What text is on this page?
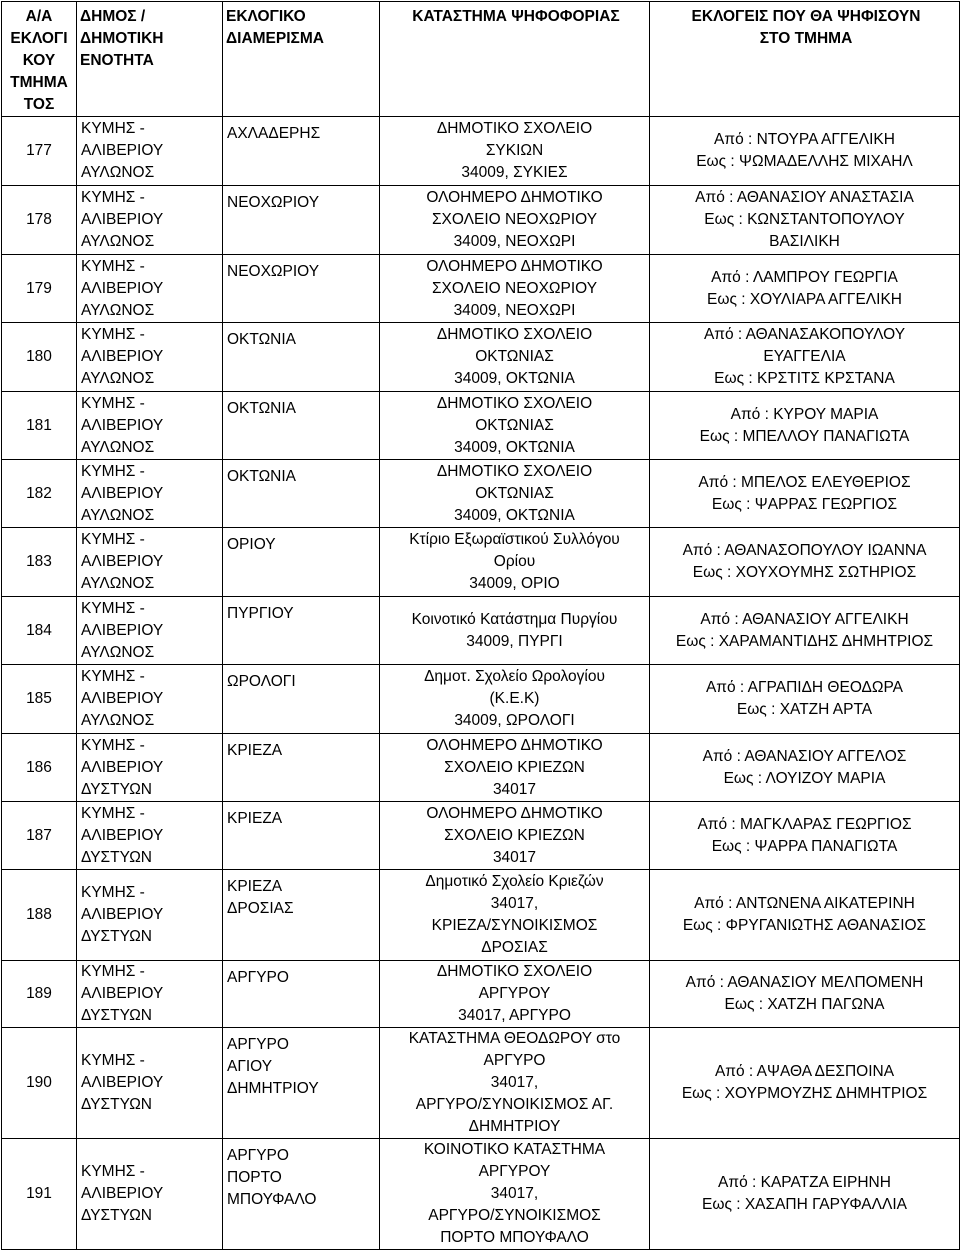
Α/Α
ΕΚΛΟΓΙ
ΚΟΥ
ΤΜΗΜΑ
ΤΟΣ	ΔΗΜΟΣ /
ΔΗΜΟΤΙΚΗ
ΕΝΟΤΗΤΑ	ΕΚΛΟΓΙΚΟ
ΔΙΑΜΕΡΙΣΜΑ	ΚΑΤΑΣΤΗΜΑ ΨΗΦΟΦΟΡΙΑΣ	ΕΚΛΟΓΕΙΣ ΠΟΥ ΘΑ ΨΗΦΙΣΟΥΝ
ΣΤΟ ΤΜΗΜΑ

177	ΚΥΜΗΣ -
ΑΛΙΒΕΡΙΟΥ
ΑΥΛΩΝΟΣ	ΑΧΛΑΔΕΡΗΣ	ΔΗΜΟΤΙΚΟ ΣΧΟΛΕΙΟ
ΣΥΚΙΩΝ
34009, ΣΥΚΙΕΣ	Από : ΝΤΟΥΡΑ ΑΓΓΕΛΙΚΗ
Εως : ΨΩΜΑΔΕΛΛΗΣ ΜΙΧΑΗΛ

178	ΚΥΜΗΣ -
ΑΛΙΒΕΡΙΟΥ
ΑΥΛΩΝΟΣ	ΝΕΟΧΩΡΙΟΥ	ΟΛΟΗΜΕΡΟ ΔΗΜΟΤΙΚΟ
ΣΧΟΛΕΙΟ ΝΕΟΧΩΡΙΟΥ
34009, ΝΕΟΧΩΡΙ	Από : ΑΘΑΝΑΣΙΟΥ ΑΝΑΣΤΑΣΙΑ
Εως : ΚΩΝΣΤΑΝΤΟΠΟΥΛΟΥ
ΒΑΣΙΛΙΚΗ

179	ΚΥΜΗΣ -
ΑΛΙΒΕΡΙΟΥ
ΑΥΛΩΝΟΣ	ΝΕΟΧΩΡΙΟΥ	ΟΛΟΗΜΕΡΟ ΔΗΜΟΤΙΚΟ
ΣΧΟΛΕΙΟ ΝΕΟΧΩΡΙΟΥ
34009, ΝΕΟΧΩΡΙ	Από : ΛΑΜΠΡΟΥ ΓΕΩΡΓΙΑ
Εως : ΧΟΥΛΙΑΡΑ ΑΓΓΕΛΙΚΗ

180	ΚΥΜΗΣ -
ΑΛΙΒΕΡΙΟΥ
ΑΥΛΩΝΟΣ	ΟΚΤΩΝΙΑ	ΔΗΜΟΤΙΚΟ ΣΧΟΛΕΙΟ
ΟΚΤΩΝΙΑΣ
34009, ΟΚΤΩΝΙΑ	Από : ΑΘΑΝΑΣΑΚΟΠΟΥΛΟΥ
ΕΥΑΓΓΕΛΙΑ
Εως : ΚΡΣΤΙΤΣ ΚΡΣΤΑΝΑ

181	ΚΥΜΗΣ -
ΑΛΙΒΕΡΙΟΥ
ΑΥΛΩΝΟΣ	ΟΚΤΩΝΙΑ	ΔΗΜΟΤΙΚΟ ΣΧΟΛΕΙΟ
ΟΚΤΩΝΙΑΣ
34009, ΟΚΤΩΝΙΑ	Από : ΚΥΡΟΥ ΜΑΡΙΑ
Εως : ΜΠΕΛΛΟΥ ΠΑΝΑΓΙΩΤΑ

182	ΚΥΜΗΣ -
ΑΛΙΒΕΡΙΟΥ
ΑΥΛΩΝΟΣ	ΟΚΤΩΝΙΑ	ΔΗΜΟΤΙΚΟ ΣΧΟΛΕΙΟ
ΟΚΤΩΝΙΑΣ
34009, ΟΚΤΩΝΙΑ	Από : ΜΠΕΛΟΣ ΕΛΕΥΘΕΡΙΟΣ
Εως : ΨΑΡΡΑΣ ΓΕΩΡΓΙΟΣ

183	ΚΥΜΗΣ -
ΑΛΙΒΕΡΙΟΥ
ΑΥΛΩΝΟΣ	ΟΡΙΟΥ	Κτίριο Εξωραϊστικού Συλλόγου
Ορίου
34009, ΟΡΙΟ	Από : ΑΘΑΝΑΣΟΠΟΥΛΟΥ ΙΩΑΝΝΑ
Εως : ΧΟΥΧΟΥΜΗΣ ΣΩΤΗΡΙΟΣ

184	ΚΥΜΗΣ -
ΑΛΙΒΕΡΙΟΥ
ΑΥΛΩΝΟΣ	ΠΥΡΓΙΟΥ	Κοινοτικό Κατάστημα Πυργίου
34009, ΠΥΡΓΙ	Από : ΑΘΑΝΑΣΙΟΥ ΑΓΓΕΛΙΚΗ
Εως : ΧΑΡΑΜΑΝΤΙΔΗΣ ΔΗΜΗΤΡΙΟΣ

185	ΚΥΜΗΣ -
ΑΛΙΒΕΡΙΟΥ
ΑΥΛΩΝΟΣ	ΩΡΟΛΟΓΙ	Δημοτ. Σχολείο Ωρολογίου
(Κ.Ε.Κ)
34009, ΩΡΟΛΟΓΙ	Από : ΑΓΡΑΠΙΔΗ ΘΕΟΔΩΡΑ
Εως : ΧΑΤΖΗ ΑΡΤΑ

186	ΚΥΜΗΣ -
ΑΛΙΒΕΡΙΟΥ
ΔΥΣΤΥΩΝ	ΚΡΙΕΖΑ	ΟΛΟΗΜΕΡΟ ΔΗΜΟΤΙΚΟ
ΣΧΟΛΕΙΟ ΚΡΙΕΖΩΝ
34017	Από : ΑΘΑΝΑΣΙΟΥ ΑΓΓΕΛΟΣ
Εως : ΛΟΥΙΖΟΥ ΜΑΡΙΑ

187	ΚΥΜΗΣ -
ΑΛΙΒΕΡΙΟΥ
ΔΥΣΤΥΩΝ	ΚΡΙΕΖΑ	ΟΛΟΗΜΕΡΟ ΔΗΜΟΤΙΚΟ
ΣΧΟΛΕΙΟ ΚΡΙΕΖΩΝ
34017	Από : ΜΑΓΚΛΑΡΑΣ ΓΕΩΡΓΙΟΣ
Εως : ΨΑΡΡΑ ΠΑΝΑΓΙΩΤΑ

188	ΚΥΜΗΣ -
ΑΛΙΒΕΡΙΟΥ
ΔΥΣΤΥΩΝ	ΚΡΙΕΖΑ
ΔΡΟΣΙΑΣ	Δημοτικό Σχολείο Κριεζών
34017,
ΚΡΙΕΖΑ/ΣΥΝΟΙΚΙΣΜΟΣ
ΔΡΟΣΙΑΣ	Από : ΑΝΤΩΝΕΝΑ ΑΙΚΑΤΕΡΙΝΗ
Εως : ΦΡΥΓΑΝΙΩΤΗΣ ΑΘΑΝΑΣΙΟΣ

189	ΚΥΜΗΣ -
ΑΛΙΒΕΡΙΟΥ
ΔΥΣΤΥΩΝ	ΑΡΓΥΡΟ	ΔΗΜΟΤΙΚΟ ΣΧΟΛΕΙΟ
ΑΡΓΥΡΟΥ
34017, ΑΡΓΥΡΟ	Από : ΑΘΑΝΑΣΙΟΥ ΜΕΛΠΟΜΕΝΗ
Εως : ΧΑΤΖΗ ΠΑΓΩΝΑ

190	ΚΥΜΗΣ -
ΑΛΙΒΕΡΙΟΥ
ΔΥΣΤΥΩΝ	ΑΡΓΥΡΟ
ΑΓΙΟΥ
ΔΗΜΗΤΡΙΟΥ	ΚΑΤΑΣΤΗΜΑ ΘΕΟΔΩΡΟΥ στο
ΑΡΓΥΡΟ
34017,
ΑΡΓΥΡΟ/ΣΥΝΟΙΚΙΣΜΟΣ ΑΓ.
ΔΗΜΗΤΡΙΟΥ	Από : ΑΨΑΘΑ ΔΕΣΠΟΙΝΑ
Εως : ΧΟΥΡΜΟΥΖΗΣ ΔΗΜΗΤΡΙΟΣ

191	ΚΥΜΗΣ -
ΑΛΙΒΕΡΙΟΥ
ΔΥΣΤΥΩΝ	ΑΡΓΥΡΟ
ΠΟΡΤΟ
ΜΠΟΥΦΑΛΟ	ΚΟΙΝΟΤΙΚΟ ΚΑΤΑΣΤΗΜΑ
ΑΡΓΥΡΟΥ
34017,
ΑΡΓΥΡΟ/ΣΥΝΟΙΚΙΣΜΟΣ
ΠΟΡΤΟ ΜΠΟΥΦΑΛΟ	Από : ΚΑΡΑΤΖΑ ΕΙΡΗΝΗ
Εως : ΧΑΣΑΠΗ ΓΑΡΥΦΑΛΛΙΑ
